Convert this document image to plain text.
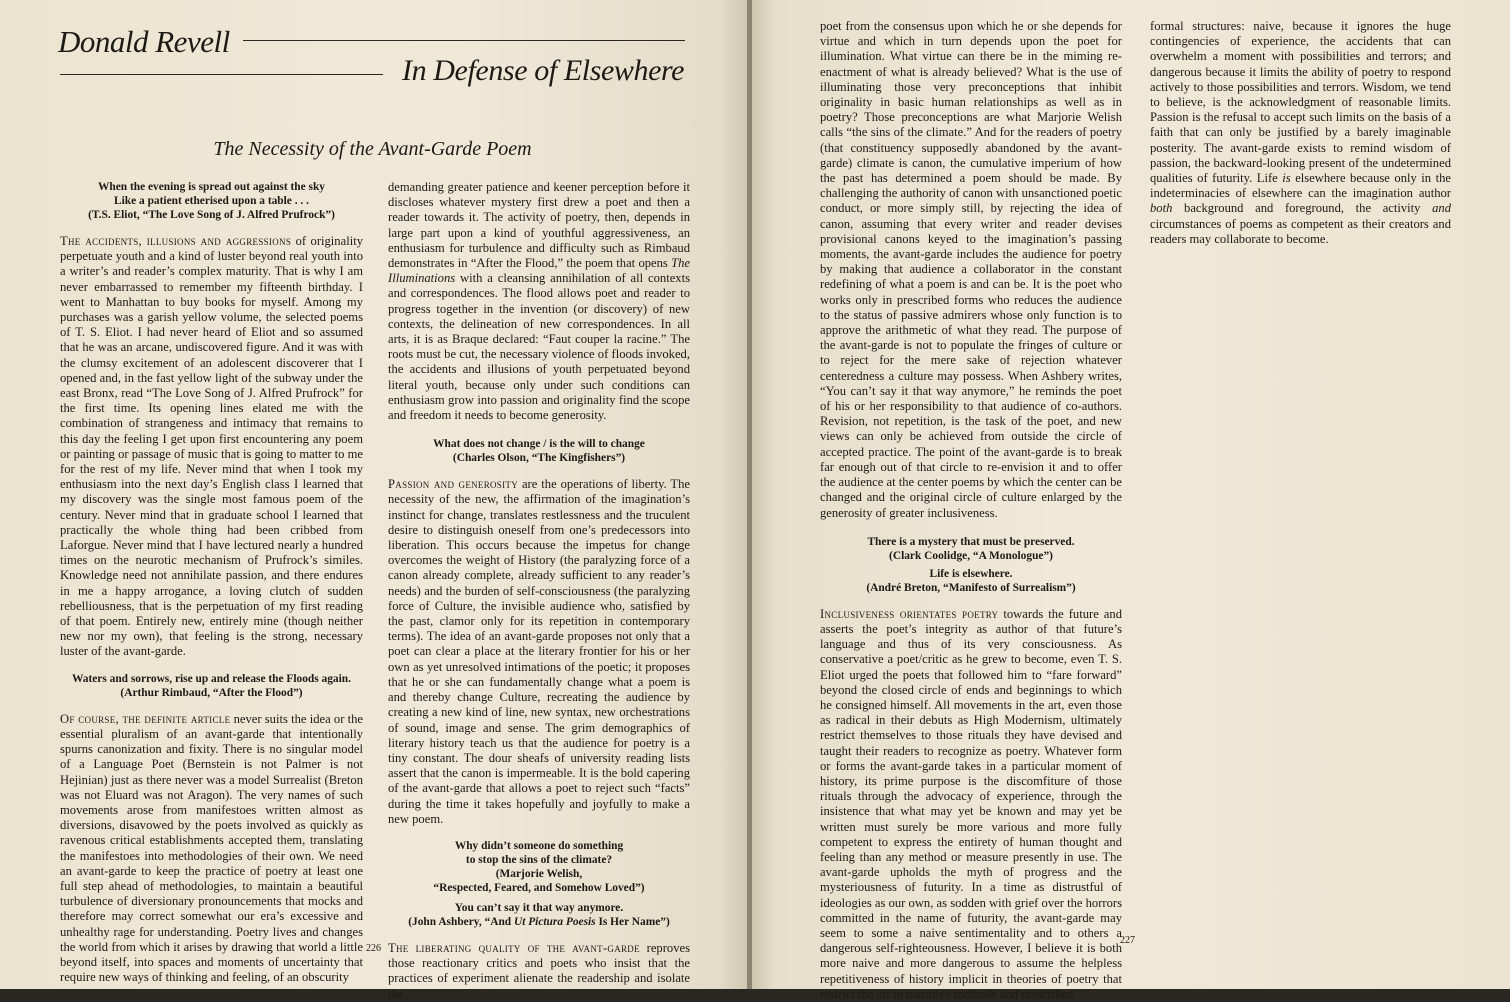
Donald Revell
In Defense of Elsewhere
The Necessity of the Avant-Garde Poem
When the evening is spread out against the sky
Like a patient etherised upon a table . . .
(T.S. Eliot, “The Love Song of J. Alfred Prufrock”)

The accidents, illusions and aggressions of originality perpetuate youth and a kind of luster beyond real youth into a writer’s and reader’s complex maturity. That is why I am never embarrassed to remember my fifteenth birthday. I went to Manhattan to buy books for myself. Among my purchases was a garish yellow volume, the selected poems of T. S. Eliot. I had never heard of Eliot and so assumed that he was an arcane, undiscovered figure. And it was with the clumsy excitement of an adolescent discoverer that I opened and, in the fast yellow light of the subway under the east Bronx, read “The Love Song of J. Alfred Prufrock” for the first time. Its opening lines elated me with the combination of strangeness and intimacy that remains to this day the feeling I get upon first encountering any poem or painting or passage of music that is going to matter to me for the rest of my life. Never mind that when I took my enthusiasm into the next day’s English class I learned that my discovery was the single most famous poem of the century. Never mind that in graduate school I learned that practically the whole thing had been cribbed from Laforgue. Never mind that I have lectured nearly a hundred times on the neurotic mechanism of Prufrock’s similes. Knowledge need not annihilate passion, and there endures in me a happy arrogance, a loving clutch of sudden rebelliousness, that is the perpetuation of my first reading of that poem. Entirely new, entirely mine (though neither new nor my own), that feeling is the strong, necessary luster of the avant-garde.

Waters and sorrows, rise up and release the Floods again.
(Arthur Rimbaud, “After the Flood”)

Of course, the definite article never suits the idea or the essential pluralism of an avant-garde that intentionally spurns canonization and fixity. There is no singular model of a Language Poet (Bernstein is not Palmer is not Hejinian) just as there never was a model Surrealist (Breton was not Eluard was not Aragon). The very names of such movements arose from manifestoes written almost as diversions, disavowed by the poets involved as quickly as ravenous critical establishments accepted them, translating the manifestoes into methodologies of their own. We need an avant-garde to keep the practice of poetry at least one full step ahead of methodologies, to maintain a beautiful turbulence of diversionary pronouncements that mocks and therefore may correct somewhat our era’s excessive and unhealthy rage for understanding. Poetry lives and changes the world from which it arises by drawing that world a little beyond itself, into spaces and moments of uncertainty that require new ways of thinking and feeling, of an obscurity

demanding greater patience and keener perception before it discloses whatever mystery first drew a poet and then a reader towards it. The activity of poetry, then, depends in large part upon a kind of youthful aggressiveness, an enthusiasm for turbulence and difficulty such as Rimbaud demonstrates in “After the Flood,” the poem that opens The Illuminations with a cleansing annihilation of all contexts and correspondences. The flood allows poet and reader to progress together in the invention (or discovery) of new contexts, the delineation of new correspondences. In all arts, it is as Braque declared: “Faut couper la racine.” The roots must be cut, the necessary violence of floods invoked, the accidents and illusions of youth perpetuated beyond literal youth, because only under such conditions can enthusiasm grow into passion and originality find the scope and freedom it needs to become generosity.

What does not change / is the will to change
(Charles Olson, “The Kingfishers”)

Passion and generosity are the operations of liberty. The necessity of the new, the affirmation of the imagination’s instinct for change, translates restlessness and the truculent desire to distinguish oneself from one’s predecessors into liberation. This occurs because the impetus for change overcomes the weight of History (the paralyzing force of a canon already complete, already sufficient to any reader’s needs) and the burden of self-consciousness (the paralyzing force of Culture, the invisible audience who, satisfied by the past, clamor only for its repetition in contemporary terms). The idea of an avant-garde proposes not only that a poet can clear a place at the literary frontier for his or her own as yet unresolved intimations of the poetic; it proposes that he or she can fundamentally change what a poem is and thereby change Culture, recreating the audience by creating a new kind of line, new syntax, new orchestrations of sound, image and sense. The grim demographics of literary history teach us that the audience for poetry is a tiny constant. The dour sheafs of university reading lists assert that the canon is impermeable. It is the bold capering of the avant-garde that allows a poet to reject such “facts” during the time it takes hopefully and joyfully to make a new poem.

Why didn’t someone do something
to stop the sins of the climate?
(Marjorie Welish,
“Respected, Feared, and Somehow Loved”)
You can’t say it that way anymore.
(John Ashbery, “And Ut Pictura Poesis Is Her Name”)

The liberating quality of the avant-garde reproves those reactionary critics and poets who insist that the practices of experiment alienate the readership and isolate the

226

poet from the consensus upon which he or she depends for virtue and which in turn depends upon the poet for illumination. What virtue can there be in the miming re-enactment of what is already believed? What is the use of illuminating those very preconceptions that inhibit originality in basic human relationships as well as in poetry? Those preconceptions are what Marjorie Welish calls “the sins of the climate.” And for the readers of poetry (that constituency supposedly abandoned by the avant-garde) climate is canon, the cumulative imperium of how the past has determined a poem should be made. By challenging the authority of canon with unsanctioned poetic conduct, or more simply still, by rejecting the idea of canon, assuming that every writer and reader devises provisional canons keyed to the imagination’s passing moments, the avant-garde includes the audience for poetry by making that audience a collaborator in the constant redefining of what a poem is and can be. It is the poet who works only in prescribed forms who reduces the audience to the status of passive admirers whose only function is to approve the arithmetic of what they read. The purpose of the avant-garde is not to populate the fringes of culture or to reject for the mere sake of rejection whatever centeredness a culture may possess. When Ashbery writes, “You can’t say it that way anymore,” he reminds the poet of his or her responsibility to that audience of co-authors. Revision, not repetition, is the task of the poet, and new views can only be achieved from outside the circle of accepted practice. The point of the avant-garde is to break far enough out of that circle to re-envision it and to offer the audience at the center poems by which the center can be changed and the original circle of culture enlarged by the generosity of greater inclusiveness.

There is a mystery that must be preserved.
(Clark Coolidge, “A Monologue”)
Life is elsewhere.
(André Breton, “Manifesto of Surrealism”)

Inclusiveness orientates poetry towards the future and asserts the poet’s integrity as author of that future’s language and thus of its very consciousness. As conservative a poet/critic as he grew to become, even T. S. Eliot urged the poets that followed him to “fare forward” beyond the closed circle of ends and beginnings to which he consigned himself. All movements in the art, even those as radical in their debuts as High Modernism, ultimately restrict themselves to those rituals they have devised and taught their readers to recognize as poetry. Whatever form or forms the avant-garde takes in a particular moment of history, its prime purpose is the discomfiture of those rituals through the advocacy of experience, through the insistence that what may yet be known and may yet be written must surely be more various and more fully competent to express the entirety of human thought and feeling than any method or measure presently in use. The avant-garde upholds the myth of progress and the mysteriousness of futurity. In a time as distrustful of ideologies as our own, as sodden with grief over the horrors committed in the name of futurity, the avant-garde may seem to some a naive sentimentality and to others a dangerous self-righteousness. However, I believe it is both more naive and more dangerous to assume the helpless repetitiveness of history implicit in theories of poetry that restrict the art to narrative methods and prescribed

formal structures: naive, because it ignores the huge contingencies of experience, the accidents that can overwhelm a moment with possibilities and terrors; and dangerous because it limits the ability of poetry to respond actively to those possibilities and terrors. Wisdom, we tend to believe, is the acknowledgment of reasonable limits. Passion is the refusal to accept such limits on the basis of a faith that can only be justified by a barely imaginable posterity. The avant-garde exists to remind wisdom of passion, the backward-looking present of the undetermined qualities of futurity. Life is elsewhere because only in the indeterminacies of elsewhere can the imagination author both background and foreground, the activity and circumstances of poems as competent as their creators and readers may collaborate to become.

227
